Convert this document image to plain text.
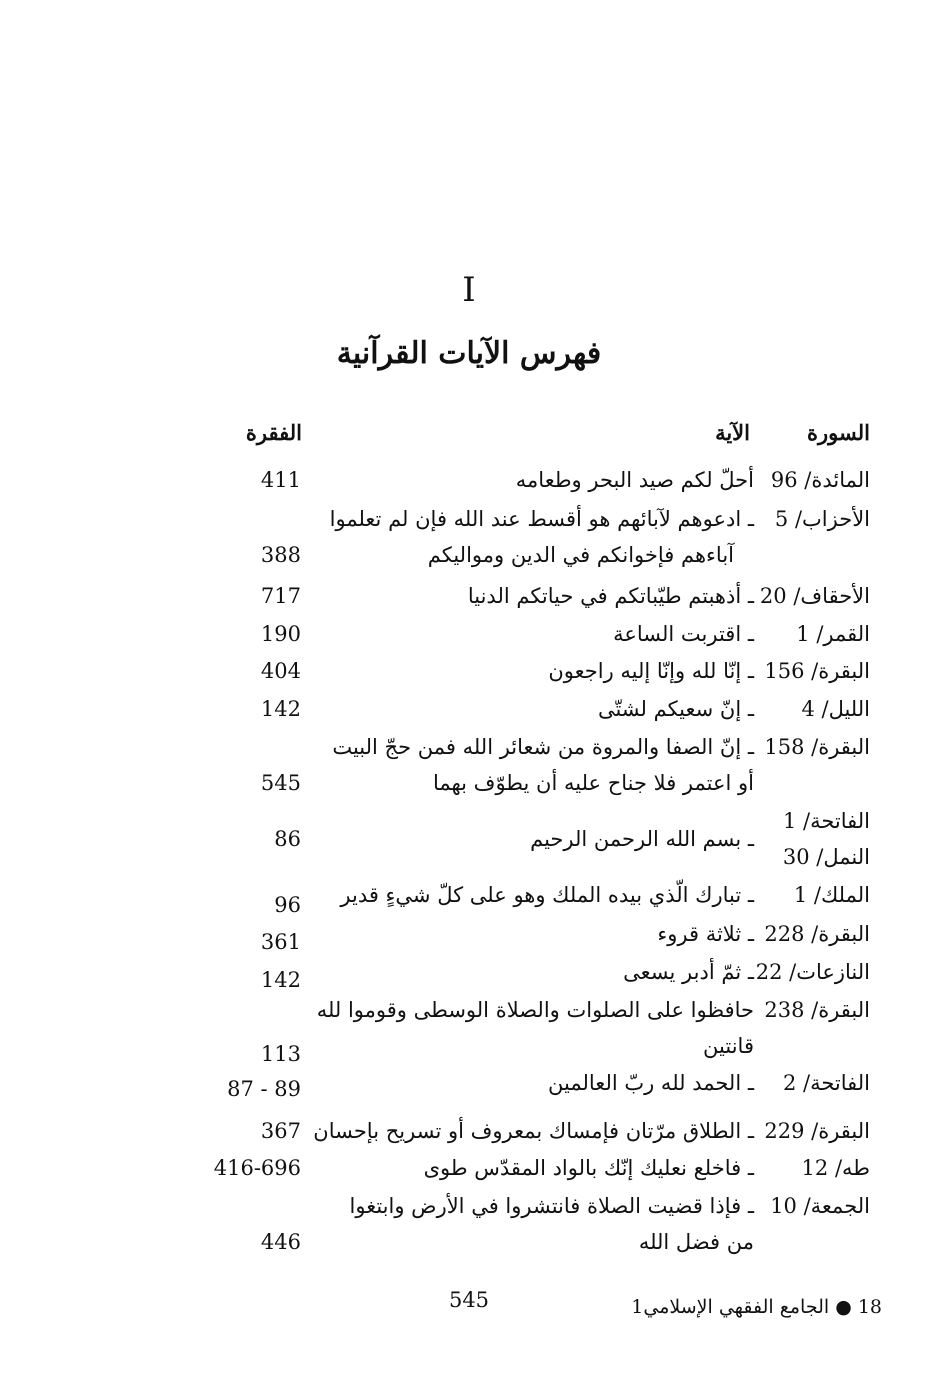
I
فهرس الآيات القرآنية
السورة
الآية
الفقرة
المائدة/ 96
أحلّ لكم صيد البحر وطعامه
411
الأحزاب/ 5
ـ ادعوهم لآبائهم هو أقسط عند الله فإن لم تعلموا
آباءهم فإخوانكم في الدين ومواليكم
388
الأحقاف/ 20
ـ أذهبتم طيّباتكم في حياتكم الدنيا
717
القمر/ 1
ـ اقتربت الساعة
190
البقرة/ 156
ـ إنّا لله وإنّا إليه راجعون
404
الليل/ 4
ـ إنّ سعيكم لشتّى
142
البقرة/ 158
ـ إنّ الصفا والمروة من شعائر الله فمن حجّ البيت
أو اعتمر فلا جناح عليه أن يطوّف بهما
545
الفاتحة/ 1
النمل/ 30
ـ بسم الله الرحمن الرحيم
86
الملك/ 1
ـ تبارك الّذي بيده الملك وهو على كلّ شيءٍ قدير
96
البقرة/ 228
ـ ثلاثة قروء
361
النازعات/ 22
ـ ثمّ أدبر يسعى
142
البقرة/ 238
حافظوا على الصلوات والصلاة الوسطى وقوموا لله
قانتين
113
الفاتحة/ 2
ـ الحمد لله ربّ العالمين
87 - 89
البقرة/ 229
ـ الطلاق مرّتان فإمساك بمعروف أو تسريح بإحسان
367
طه/ 12
ـ فاخلع نعليك إنّك بالواد المقدّس طوى
416-696
الجمعة/ 10
ـ فإذا قضيت الصلاة فانتشروا في الأرض وابتغوا
من فضل الله
446
18 ● الجامع الفقهي الإسلامي1
545
